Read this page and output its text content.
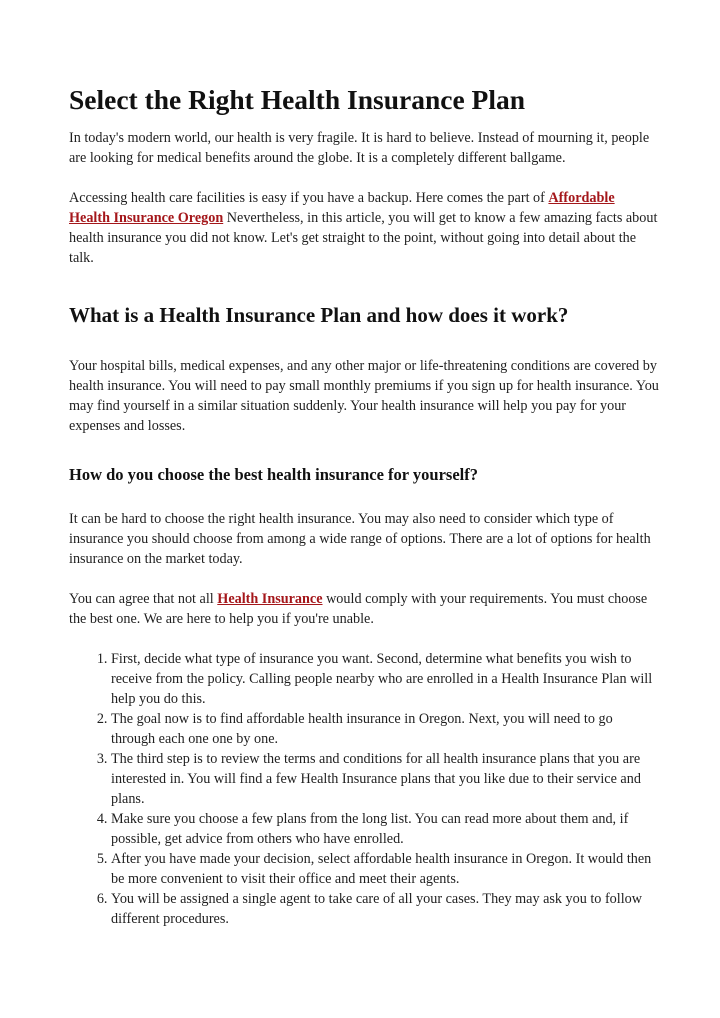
Select the Right Health Insurance Plan

In today's modern world, our health is very fragile. It is hard to believe. Instead of mourning it, people are looking for medical benefits around the globe. It is a completely different ballgame.

Accessing health care facilities is easy if you have a backup. Here comes the part of Affordable Health Insurance Oregon Nevertheless, in this article, you will get to know a few amazing facts about health insurance you did not know. Let's get straight to the point, without going into detail about the talk.

What is a Health Insurance Plan and how does it work?

Your hospital bills, medical expenses, and any other major or life-threatening conditions are covered by health insurance. You will need to pay small monthly premiums if you sign up for health insurance. You may find yourself in a similar situation suddenly. Your health insurance will help you pay for your expenses and losses.

How do you choose the best health insurance for yourself?

It can be hard to choose the right health insurance. You may also need to consider which type of insurance you should choose from among a wide range of options. There are a lot of options for health insurance on the market today.

You can agree that not all Health Insurance would comply with your requirements. You must choose the best one. We are here to help you if you're unable.

1. First, decide what type of insurance you want. Second, determine what benefits you wish to receive from the policy. Calling people nearby who are enrolled in a Health Insurance Plan will help you do this.
2. The goal now is to find affordable health insurance in Oregon. Next, you will need to go through each one one by one.
3. The third step is to review the terms and conditions for all health insurance plans that you are interested in. You will find a few Health Insurance plans that you like due to their service and plans.
4. Make sure you choose a few plans from the long list. You can read more about them and, if possible, get advice from others who have enrolled.
5. After you have made your decision, select affordable health insurance in Oregon. It would then be more convenient to visit their office and meet their agents.
6. You will be assigned a single agent to take care of all your cases. They may ask you to follow different procedures.
